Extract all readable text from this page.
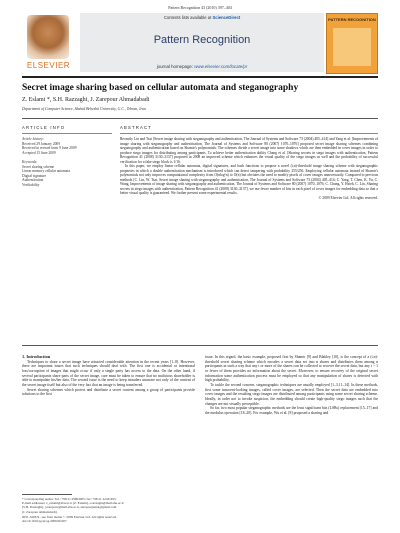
Pattern Recognition 43 (2010) 397–404
ELSEVIER
Contents lists available at ScienceDirect
Pattern Recognition
journal homepage: www.elsevier.com/locate/pr
PATTERN RECOGNITION
Secret image sharing based on cellular automata and steganography
Z. Eslami *, S.H. Razzaghi, J. Zarepour Ahmadabadi
Department of Computer Science, Shahid Beheshti University, G.C., Tehran, Iran
ARTICLE INFO	ABSTRACT
Article history:
Received 29 January 2009
Received in revised form 9 June 2009
Accepted 15 June 2009
Keywords:
Secret sharing scheme
Linear memory cellular automata
Digital signature
Authentication
Verifiability

Recently Lin and Tsai [Secret image sharing with steganography and authentication, The Journal of Systems and Software 73 (2004) 405–414] and Yang et al. [Improvements of image sharing with steganography and authentication, The Journal of Systems and Software 80 (2007) 1070–1076] proposed secret image sharing schemes combining steganography and authentication based on Shamir's polynomials. The schemes divide a secret image into some shadows which are then embedded in cover images in order to produce stego images for distributing among participants. To achieve better authentication ability Chang et al. [Sharing secrets in stego images with authentication, Pattern Recognition 41 (2008) 3130–3137] proposed in 2008 an improved scheme which enhances the visual quality of the stego images as well and the probability of successful verification for a fake stego block is 1/16.

In this paper, we employ linear cellular automata, digital signatures, and hash functions to propose a novel (t,n)-threshold image sharing scheme with steganographic properties in which a double authentication mechanism is introduced which can detect tampering with probability 255/256. Employing cellular automata instead of Shamir's polynomials not only improves computational complexity from O(nlog²n) to O(n) but obviates the need to modify pixels of cover images unnecessarily. Compared to previous methods [C. Lin, W. Tsai, Secret image sharing with steganography and authentication, The Journal of Systems and Software 73 (2004) 405–414; C. Yang, T. Chen, K. Yu, C. Wang, Improvements of image sharing with steganography and authentication, The Journal of Systems and Software 80 (2007) 1070–1076; C. Chang, Y. Hsieh, C. Lin, Sharing secrets in stego images with authentication, Pattern Recognition 41 (2008) 3130–3137], we use fewer number of bits in each pixel of cover images for embedding data so that a better visual quality is guaranteed. We further present some experimental results.

© 2009 Elsevier Ltd. All rights reserved.

1. Introduction

Techniques to share a secret image have attracted considerable attention in the recent years [1–8]. However, there are important issues that such techniques should deal with. The first one is accidental or intentional loss/corruption of images that might occur if only a single party has access to the data. On the other hand, if several participants share parts of the secret image, care must be taken to ensure that no malicious shareholder is able to manipulate his/her data. The second issue is the need to keep intruders unaware not only of the content of the secret image itself but also of the very fact that an image is being transferred.

Secret sharing schemes which protect and distribute a secret content among a group of participants provide solutions to the first

issue. In this regard, the basic example, proposed first by Shamir [9] and Blakley [10], is the concept of a (t,n)-threshold secret sharing scheme which encodes a secret data set into n shares and distributes them among n participants in such a way that any t or more of the shares can be collected to recover the secret data, but any t − 1 or fewer of them provides no information about the secret. Moreover, to ensure recovery of the original secret information some authentication process must be employed so that any manipulation of shares is detected with high probability.

To tackle the second concern, steganographic techniques are usually employed [1–3,11–14]. In these methods, first some innocent-looking images, called cover images, are selected. Then the secret data are embedded into cover images and the resulting stego images are distributed among participants using some secret sharing scheme. Ideally, in order not to invoke suspicion, the embedding should create high-quality stego images such that the changes are not visually perceptible.

So far, two most popular steganographic methods are the least significant bits (LSBs) replacement [15–17] and the modulus operation [18–20]. For example, Wu et al. [8] proposed a sharing and

* Corresponding author. Tel.: +98 21 29903005; fax: +98 21 22431655.
E-mail addresses: z_eslami@sbu.ac.ir (Z. Eslami), s.razzaghi@mail.sbu.ac.ir
(S.H. Razzaghi), j.zarepour@mail.sbu.ac.ir, zarepourjamal@gmail.com
(J. Zarepour Ahmadabadi).
0031-3203/$ - see front matter © 2009 Elsevier Ltd. All rights reserved.
doi:10.1016/j.patcog.2009.06.007
